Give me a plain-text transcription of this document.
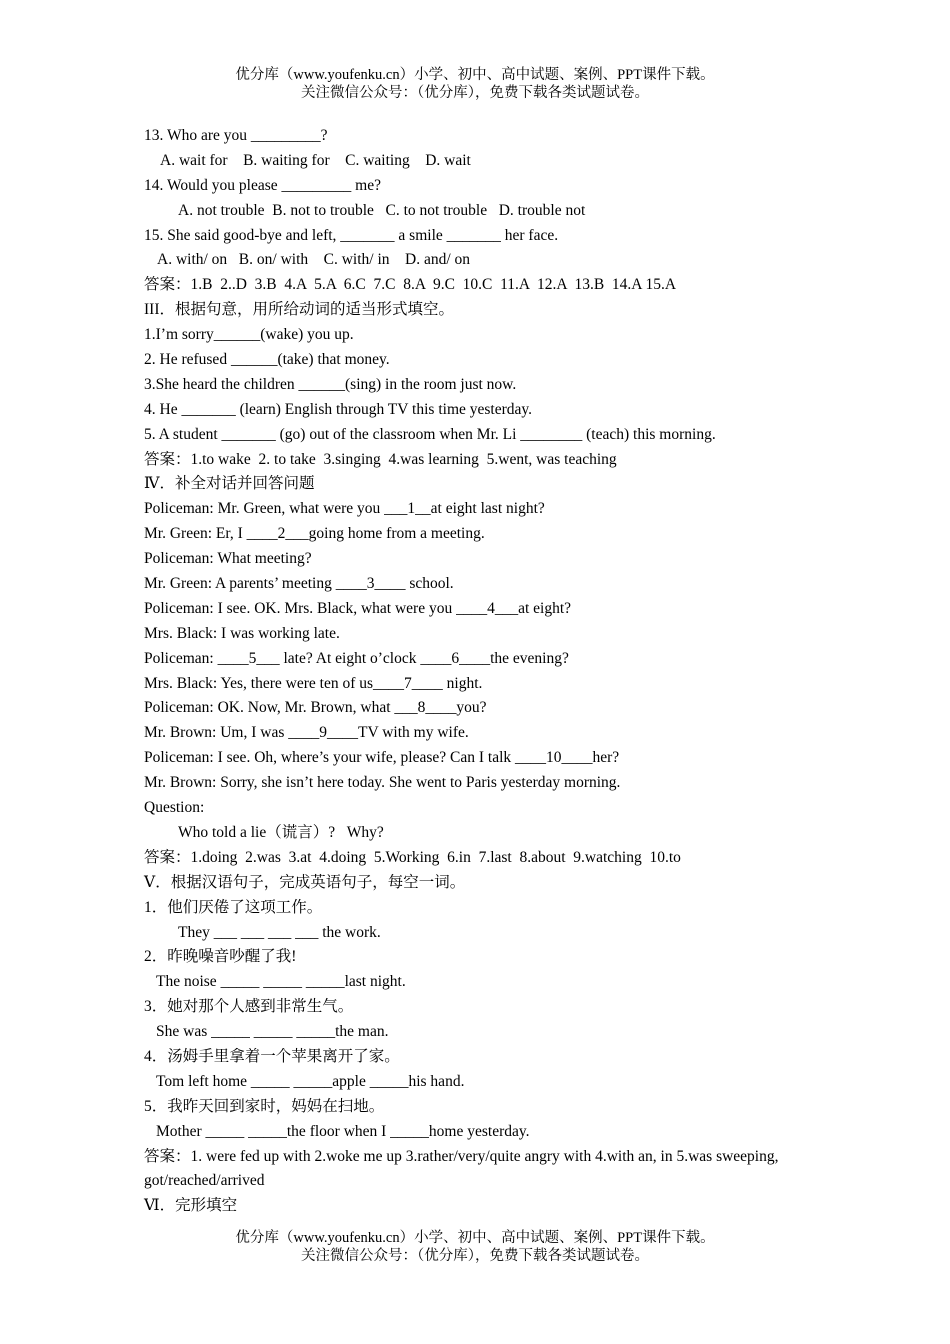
优分库（www.youfenku.cn）小学、初中、高中试题、案例、PPT课件下载。
关注微信公众号：（优分库），免费下载各类试题试卷。
13. Who are you _________?
A. wait for    B. waiting for    C. waiting    D. wait
14. Would you please _________ me?
A. not trouble  B. not to trouble   C. to not trouble   D. trouble not
15. She said good-bye and left, _______ a smile _______ her face.
A. with/ on   B. on/ with    C. with/ in    D. and/ on
答案：1.B  2..D  3.B  4.A  5.A  6.C  7.C  8.A  9.C  10.C  11.A  12.A  13.B  14.A 15.A
III．根据句意，用所给动词的适当形式填空。
1.I’m sorry______(wake) you up.
2. He refused ______(take) that money.
3.She heard the children ______(sing) in the room just now.
4. He _______ (learn) English through TV this time yesterday.
5. A student _______ (go) out of the classroom when Mr. Li ________ (teach) this morning.
答案：1.to wake  2. to take  3.singing  4.was learning  5.went, was teaching
Ⅳ．补全对话并回答问题
Policeman: Mr. Green, what were you ___1__at eight last night?
Mr. Green: Er, I ____2___going home from a meeting.
Policeman: What meeting?
Mr. Green: A parents’ meeting ____3____ school.
Policeman: I see. OK. Mrs. Black, what were you ____4___at eight?
Mrs. Black: I was working late.
Policeman: ____5___ late? At eight o’clock ____6____the evening?
Mrs. Black: Yes, there were ten of us____7____ night.
Policeman: OK. Now, Mr. Brown, what ___8____you?
Mr. Brown: Um, I was ____9____TV with my wife.
Policeman: I see. Oh, where’s your wife, please? Can I talk ____10____her?
Mr. Brown: Sorry, she isn’t here today. She went to Paris yesterday morning.
Question:
Who told a lie（谎言）?   Why?
答案：1.doing  2.was  3.at  4.doing  5.Working  6.in  7.last  8.about  9.watching  10.to
Ⅴ．根据汉语句子，完成英语句子，每空一词。
1．他们厌倦了这项工作。
They ___ ___ ___ ___ the work.
2．昨晚噪音吵醒了我!
The noise _____ _____ _____last night.
3．她对那个人感到非常生气。
She was _____ _____ _____the man.
4．汤姆手里拿着一个苹果离开了家。
Tom left home _____ _____apple _____his hand.
5．我昨天回到家时，妈妈在扫地。
Mother _____ _____the floor when I _____home yesterday.
答案：1. were fed up with 2.woke me up 3.rather/very/quite angry with 4.with an, in 5.was sweeping, got/reached/arrived
Ⅵ．完形填空
优分库（www.youfenku.cn）小学、初中、高中试题、案例、PPT课件下载。
关注微信公众号：（优分库），免费下载各类试题试卷。
